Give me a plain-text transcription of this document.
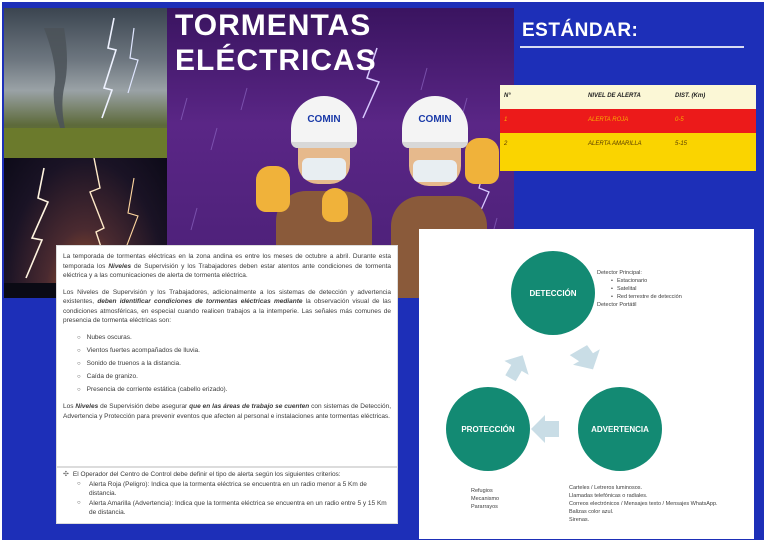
TORMENTAS
ELÉCTRICAS
COMIN	COMIN
ESTÁNDAR:
N°	NIVEL DE ALERTA	DIST. (Km)
1	ALERTA ROJA	0-5
2	ALERTA AMARILLA	5-15

La temporada de tormentas eléctricas en la zona andina es entre los meses de octubre a abril. Durante esta temporada los Niveles de Supervisión y los Trabajadores deben estar atentos ante condiciones de tormenta eléctrica y a las comunicaciones de alerta de tormenta eléctrica.

Los Niveles de Supervisión y los Trabajadores, adicionalmente a los sistemas de detección y advertencia existentes, deben identificar condiciones de tormentas eléctricas mediante la observación visual de las condiciones atmosféricas, en especial cuando realicen trabajos a la intemperie. Las señales más comunes de presencia de tormenta eléctricas son:

○ Nubes oscuras.
○ Vientos fuertes acompañados de lluvia.
○ Sonido de truenos a la distancia.
○ Caída de granizo.
○ Presencia de corriente estática (cabello erizado).

Los Niveles de Supervisión debe asegurar que en las áreas de trabajo se cuenten con sistemas de Detección, Advertencia y Protección para prevenir eventos que afecten al personal e instalaciones ante tormentas eléctricas.

✣ El Operador del Centro de Control debe definir el tipo de alerta según los siguientes criterios:
○ Alerta Roja (Peligro): Indica que la tormenta eléctrica se encuentra en un radio menor a 5 Km de distancia.
○ Alerta Amarilla (Advertencia): Indica que la tormenta eléctrica se encuentra en un radio entre 5 y 15 Km de distancia.
DETECCIÓN
ADVERTENCIA
PROTECCIÓN
Detector Principal:
• Estacionario
• Satelital
• Red terrestre de detección
Detector Portátil
Refugios
Mecanismo
Pararrayos
Carteles / Letreros luminosos.
Llamadas telefónicas o radiales.
Correos electrónicos / Mensajes texto / Mensajes WhatsApp.
Balizas color azul.
Sirenas.
